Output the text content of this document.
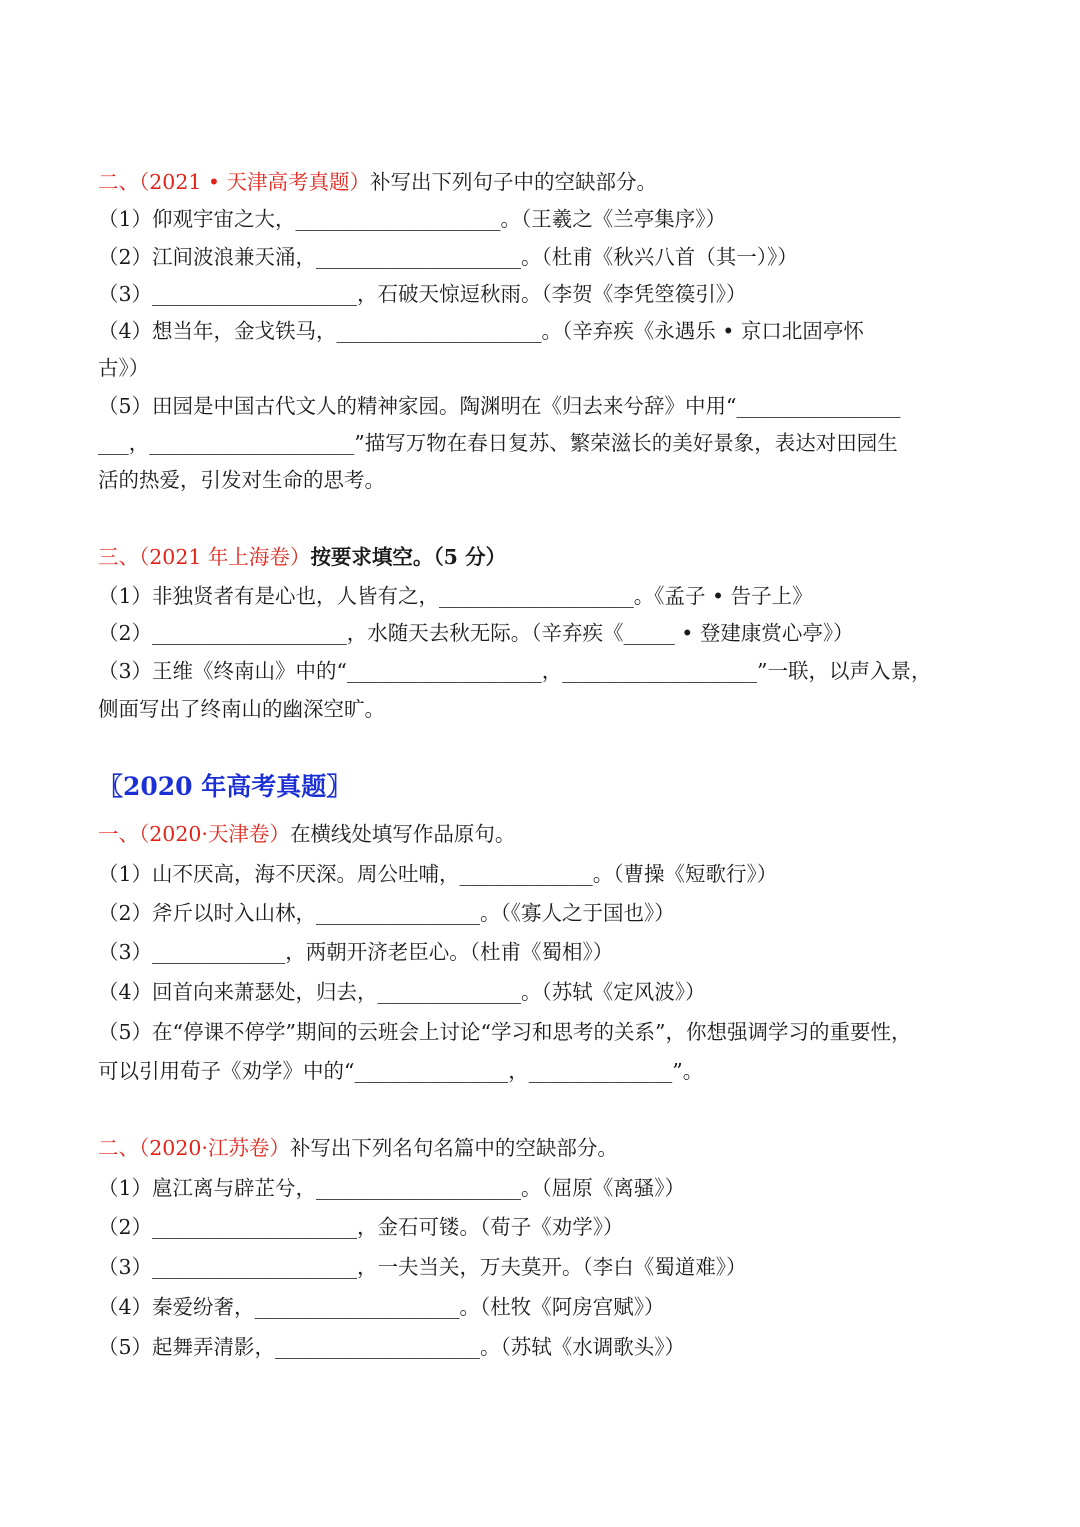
二、（2021 • 天津高考真题）补写出下列句子中的空缺部分。
（1）仰观宇宙之大，____________________。（王羲之《兰亭集序》）
（2）江间波浪兼天涌，____________________。（杜甫《秋兴八首（其一）》）
（3）____________________，石破天惊逗秋雨。（李贺《李凭箜篌引》）
（4）想当年，金戈铁马，____________________。（辛弃疾《永遇乐 • 京口北固亭怀
古》）
（5）田园是中国古代文人的精神家园。陶渊明在《归去来兮辞》中用“________________
___，____________________”描写万物在春日复苏、繁荣滋长的美好景象，表达对田园生
活的热爱，引发对生命的思考。
三、（2021 年上海卷）按要求填空。（5 分）
（1）非独贤者有是心也，人皆有之，___________________。《孟子 • 告子上》
（2）___________________，水随天去秋无际。（辛弃疾《_____ • 登建康赏心亭》）
（3）王维《终南山》中的“___________________，___________________”一联，以声入景，
侧面写出了终南山的幽深空旷。
〖2020 年高考真题〗
一、（2020·天津卷）在横线处填写作品原句。
（1）山不厌高，海不厌深。周公吐哺，_____________。（曹操《短歌行》）
（2）斧斤以时入山林，________________。（《寡人之于国也》）
（3）_____________，两朝开济老臣心。（杜甫《蜀相》）
（4）回首向来萧瑟处，归去，______________。（苏轼《定风波》）
（5）在“停课不停学”期间的云班会上讨论“学习和思考的关系”，你想强调学习的重要性，
可以引用荀子《劝学》中的“_______________，______________”。
二、（2020·江苏卷）补写出下列名句名篇中的空缺部分。
（1）扈江离与辟芷兮，____________________。（屈原《离骚》）
（2）____________________，金石可镂。（荀子《劝学》）
（3）____________________，一夫当关，万夫莫开。（李白《蜀道难》）
（4）秦爱纷奢，____________________。（杜牧《阿房宫赋》）
（5）起舞弄清影，____________________。（苏轼《水调歌头》）
